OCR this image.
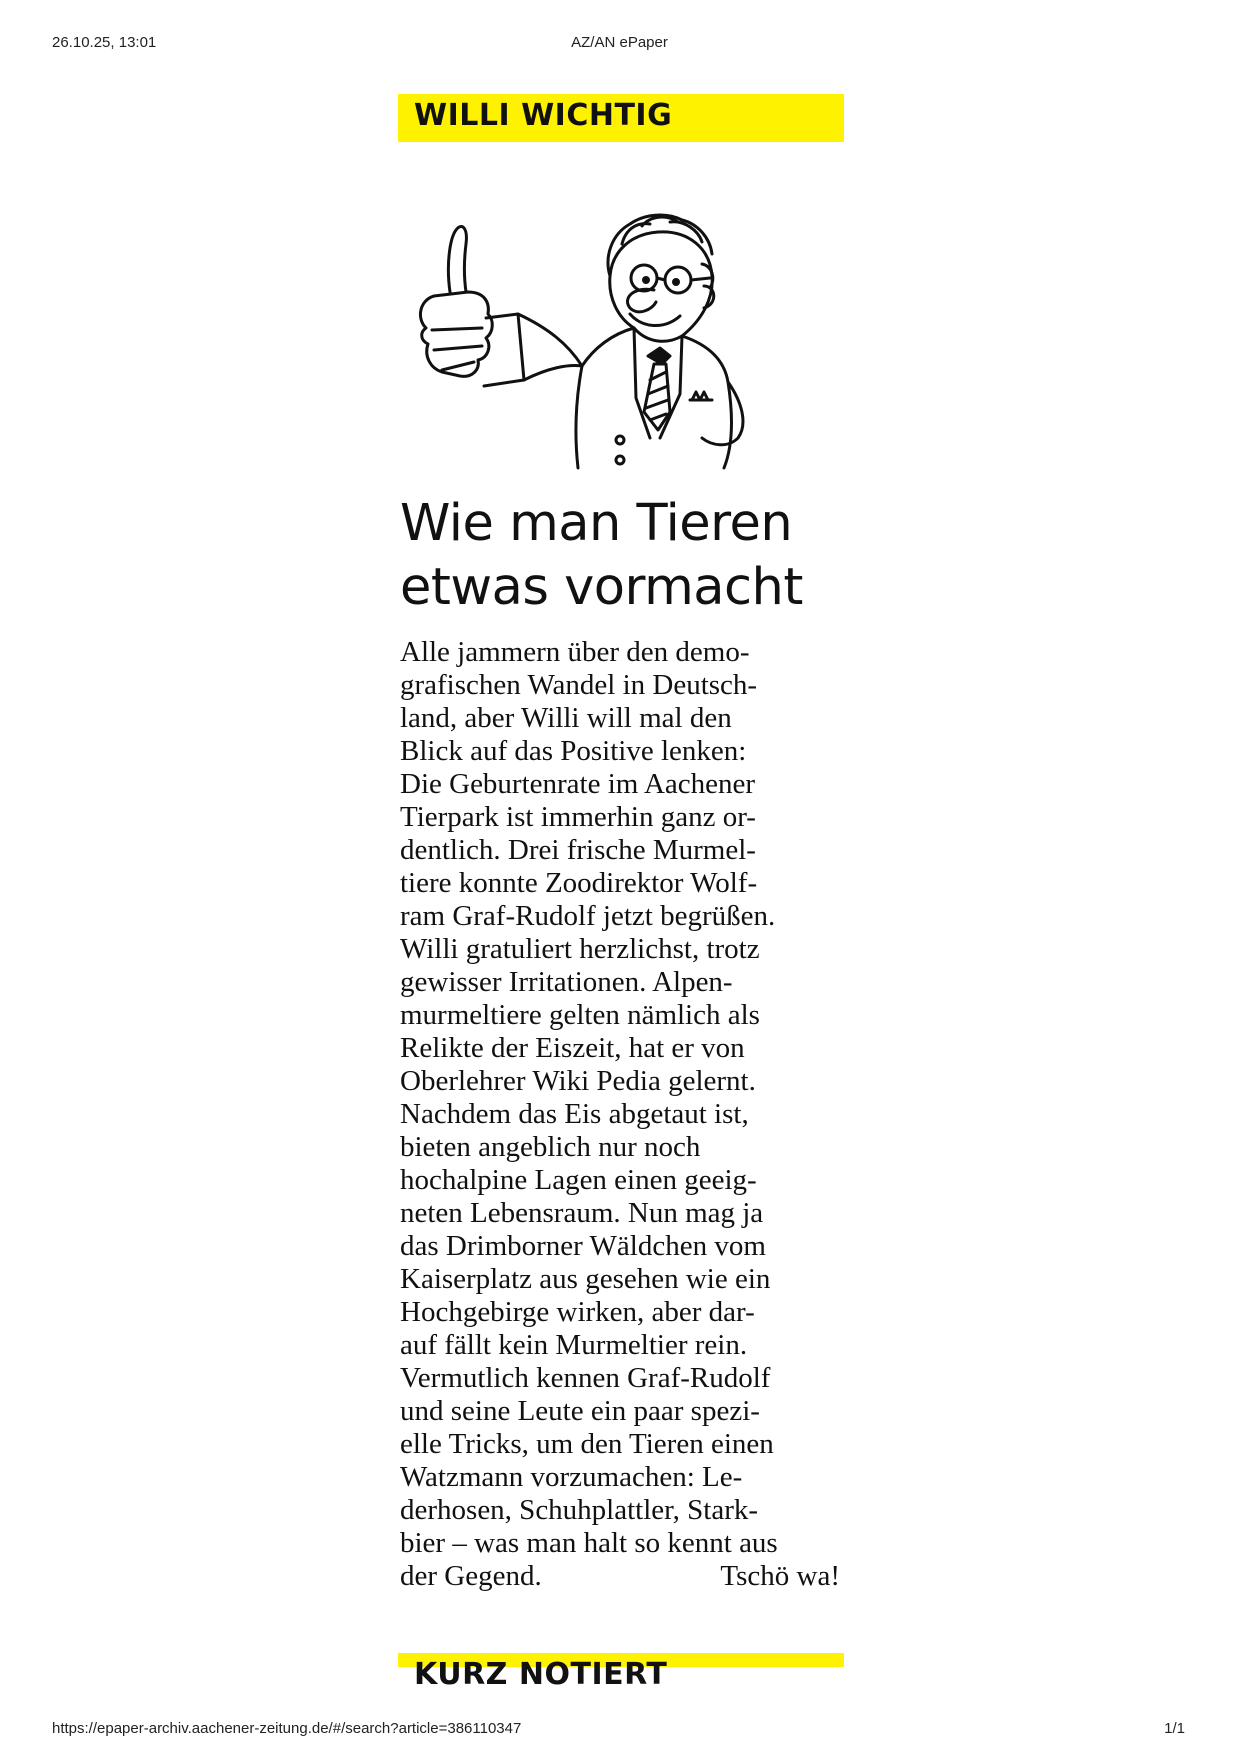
26.10.25, 13:01	AZ/AN ePaper
WILLI WICHTIG
Wie man Tieren
etwas vormacht
Alle jammern über den demo-
grafischen Wandel in Deutsch-
land, aber Willi will mal den
Blick auf das Positive lenken:
Die Geburtenrate im Aachener
Tierpark ist immerhin ganz or-
dentlich. Drei frische Murmel-
tiere konnte Zoodirektor Wolf-
ram Graf-Rudolf jetzt begrüßen.
Willi gratuliert herzlichst, trotz
gewisser Irritationen. Alpen-
murmeltiere gelten nämlich als
Relikte der Eiszeit, hat er von
Oberlehrer Wiki Pedia gelernt.
Nachdem das Eis abgetaut ist,
bieten angeblich nur noch
hochalpine Lagen einen geeig-
neten Lebensraum. Nun mag ja
das Drimborner Wäldchen vom
Kaiserplatz aus gesehen wie ein
Hochgebirge wirken, aber dar-
auf fällt kein Murmeltier rein.
Vermutlich kennen Graf-Rudolf
und seine Leute ein paar spezi-
elle Tricks, um den Tieren einen
Watzmann vorzumachen: Le-
derhosen, Schuhplattler, Stark-
bier – was man halt so kennt aus
der Gegend.	Tschö wa!
KURZ NOTIERT
https://epaper-archiv.aachener-zeitung.de/#/search?article=386110347	1/1
